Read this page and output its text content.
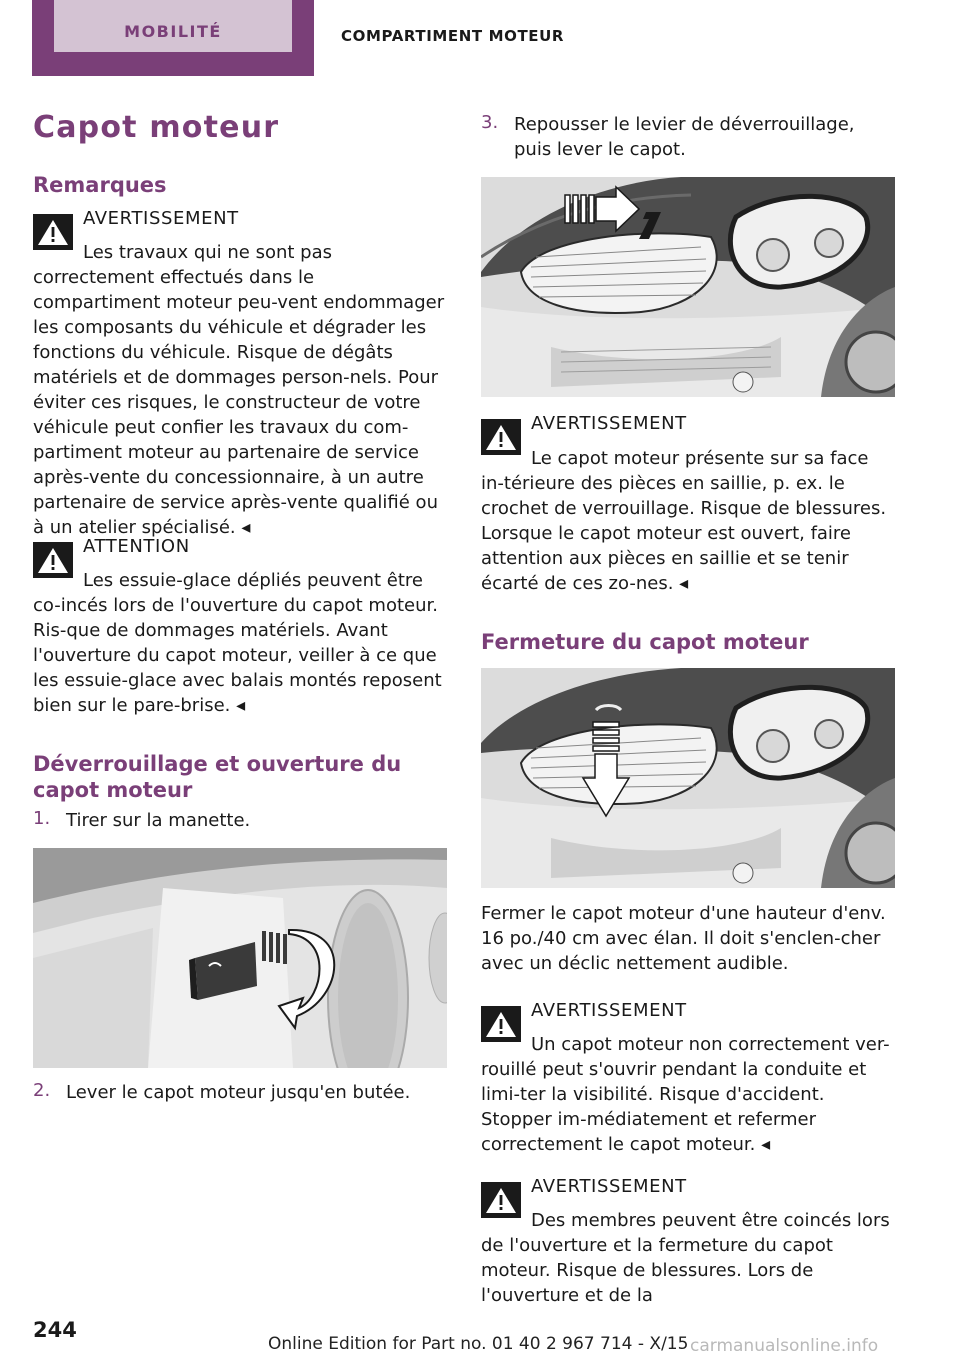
MOBILITÉ	COMPARTIMENT MOTEUR
Capot moteur
Remarques
AVERTISSEMENT
Les travaux qui ne sont pas correctement effectués dans le compartiment moteur peu-vent endommager les composants du véhicule et dégrader les fonctions du véhicule. Risque de dégâts matériels et de dommages person-nels. Pour éviter ces risques, le constructeur de votre véhicule peut confier les travaux du com-partiment moteur au partenaire de service après-vente du concessionnaire, à un autre partenaire de service après-vente qualifié ou à un atelier spécialisé. ◂
ATTENTION
Les essuie-glace dépliés peuvent être co-incés lors de l'ouverture du capot moteur. Ris-que de dommages matériels. Avant l'ouverture du capot moteur, veiller à ce que les essuie-glace avec balais montés reposent bien sur le pare-brise. ◂
Déverrouillage et ouverture du capot moteur
1. Tirer sur la manette.
2. Lever le capot moteur jusqu'en butée.
3. Repousser le levier de déverrouillage, puis lever le capot.
AVERTISSEMENT
Le capot moteur présente sur sa face in-térieure des pièces en saillie, p. ex. le crochet de verrouillage. Risque de blessures. Lorsque le capot moteur est ouvert, faire attention aux pièces en saillie et se tenir écarté de ces zo-nes. ◂
Fermeture du capot moteur
Fermer le capot moteur d'une hauteur d'env. 16 po./40 cm avec élan. Il doit s'enclen-cher avec un déclic nettement audible.
AVERTISSEMENT
Un capot moteur non correctement ver-rouillé peut s'ouvrir pendant la conduite et limi-ter la visibilité. Risque d'accident. Stopper im-médiatement et refermer correctement le capot moteur. ◂
AVERTISSEMENT
Des membres peuvent être coincés lors de l'ouverture et la fermeture du capot moteur. Risque de blessures. Lors de l'ouverture et de la
244
Online Edition for Part no. 01 40 2 967 714 - X/15 carmanualsonline.info
